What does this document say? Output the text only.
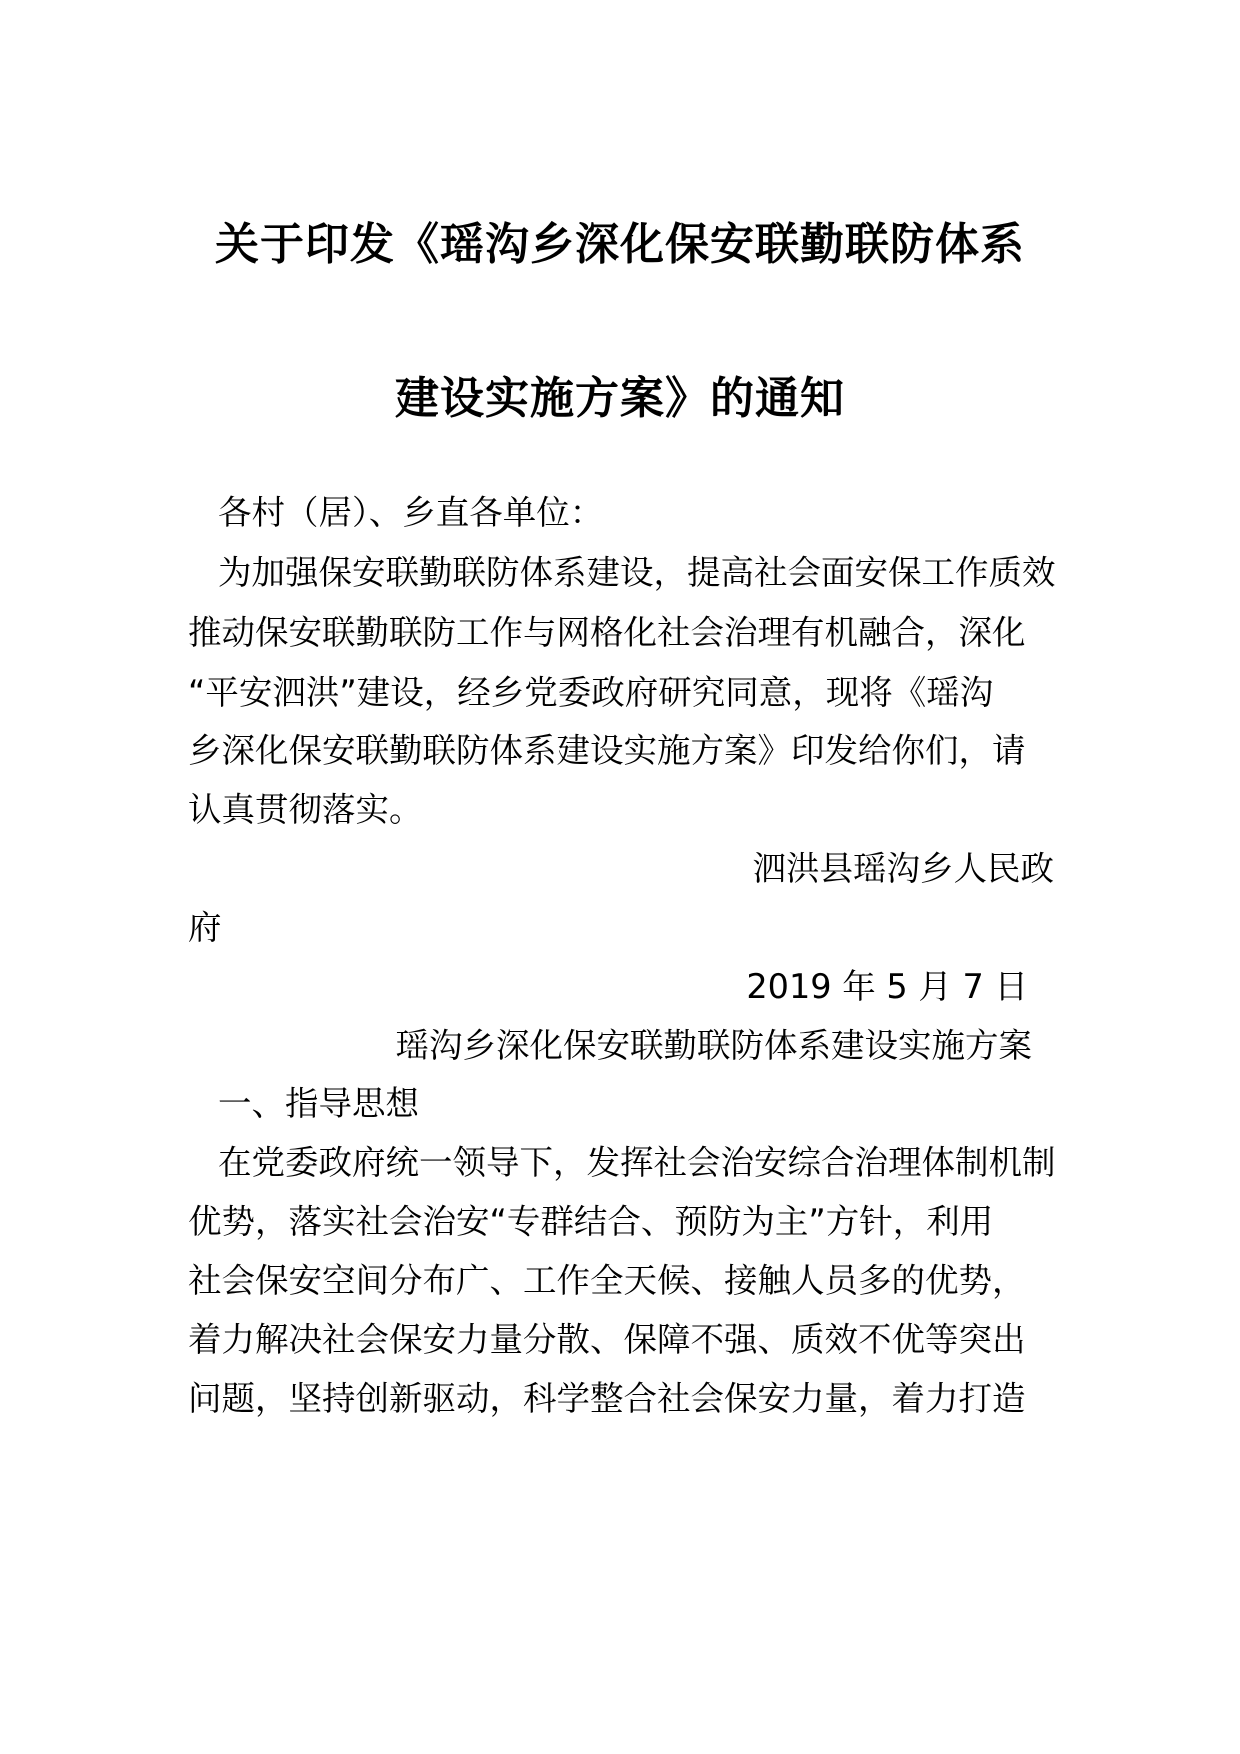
关于印发《瑶沟乡深化保安联勤联防体系
建设实施方案》的通知
各村（居）、乡直各单位：
为加强保安联勤联防体系建设，提高社会面安保工作质效
推动保安联勤联防工作与网格化社会治理有机融合，深化
“平安泗洪”建设，经乡党委政府研究同意，现将《瑶沟
乡深化保安联勤联防体系建设实施方案》印发给你们，请
认真贯彻落实。
泗洪县瑶沟乡人民政
府
2019 年 5 月 7 日
瑶沟乡深化保安联勤联防体系建设实施方案
一、指导思想
在党委政府统一领导下，发挥社会治安综合治理体制机制
优势，落实社会治安“专群结合、预防为主”方针，利用
社会保安空间分布广、工作全天候、接触人员多的优势，
着力解决社会保安力量分散、保障不强、质效不优等突出
问题，坚持创新驱动，科学整合社会保安力量，着力打造
